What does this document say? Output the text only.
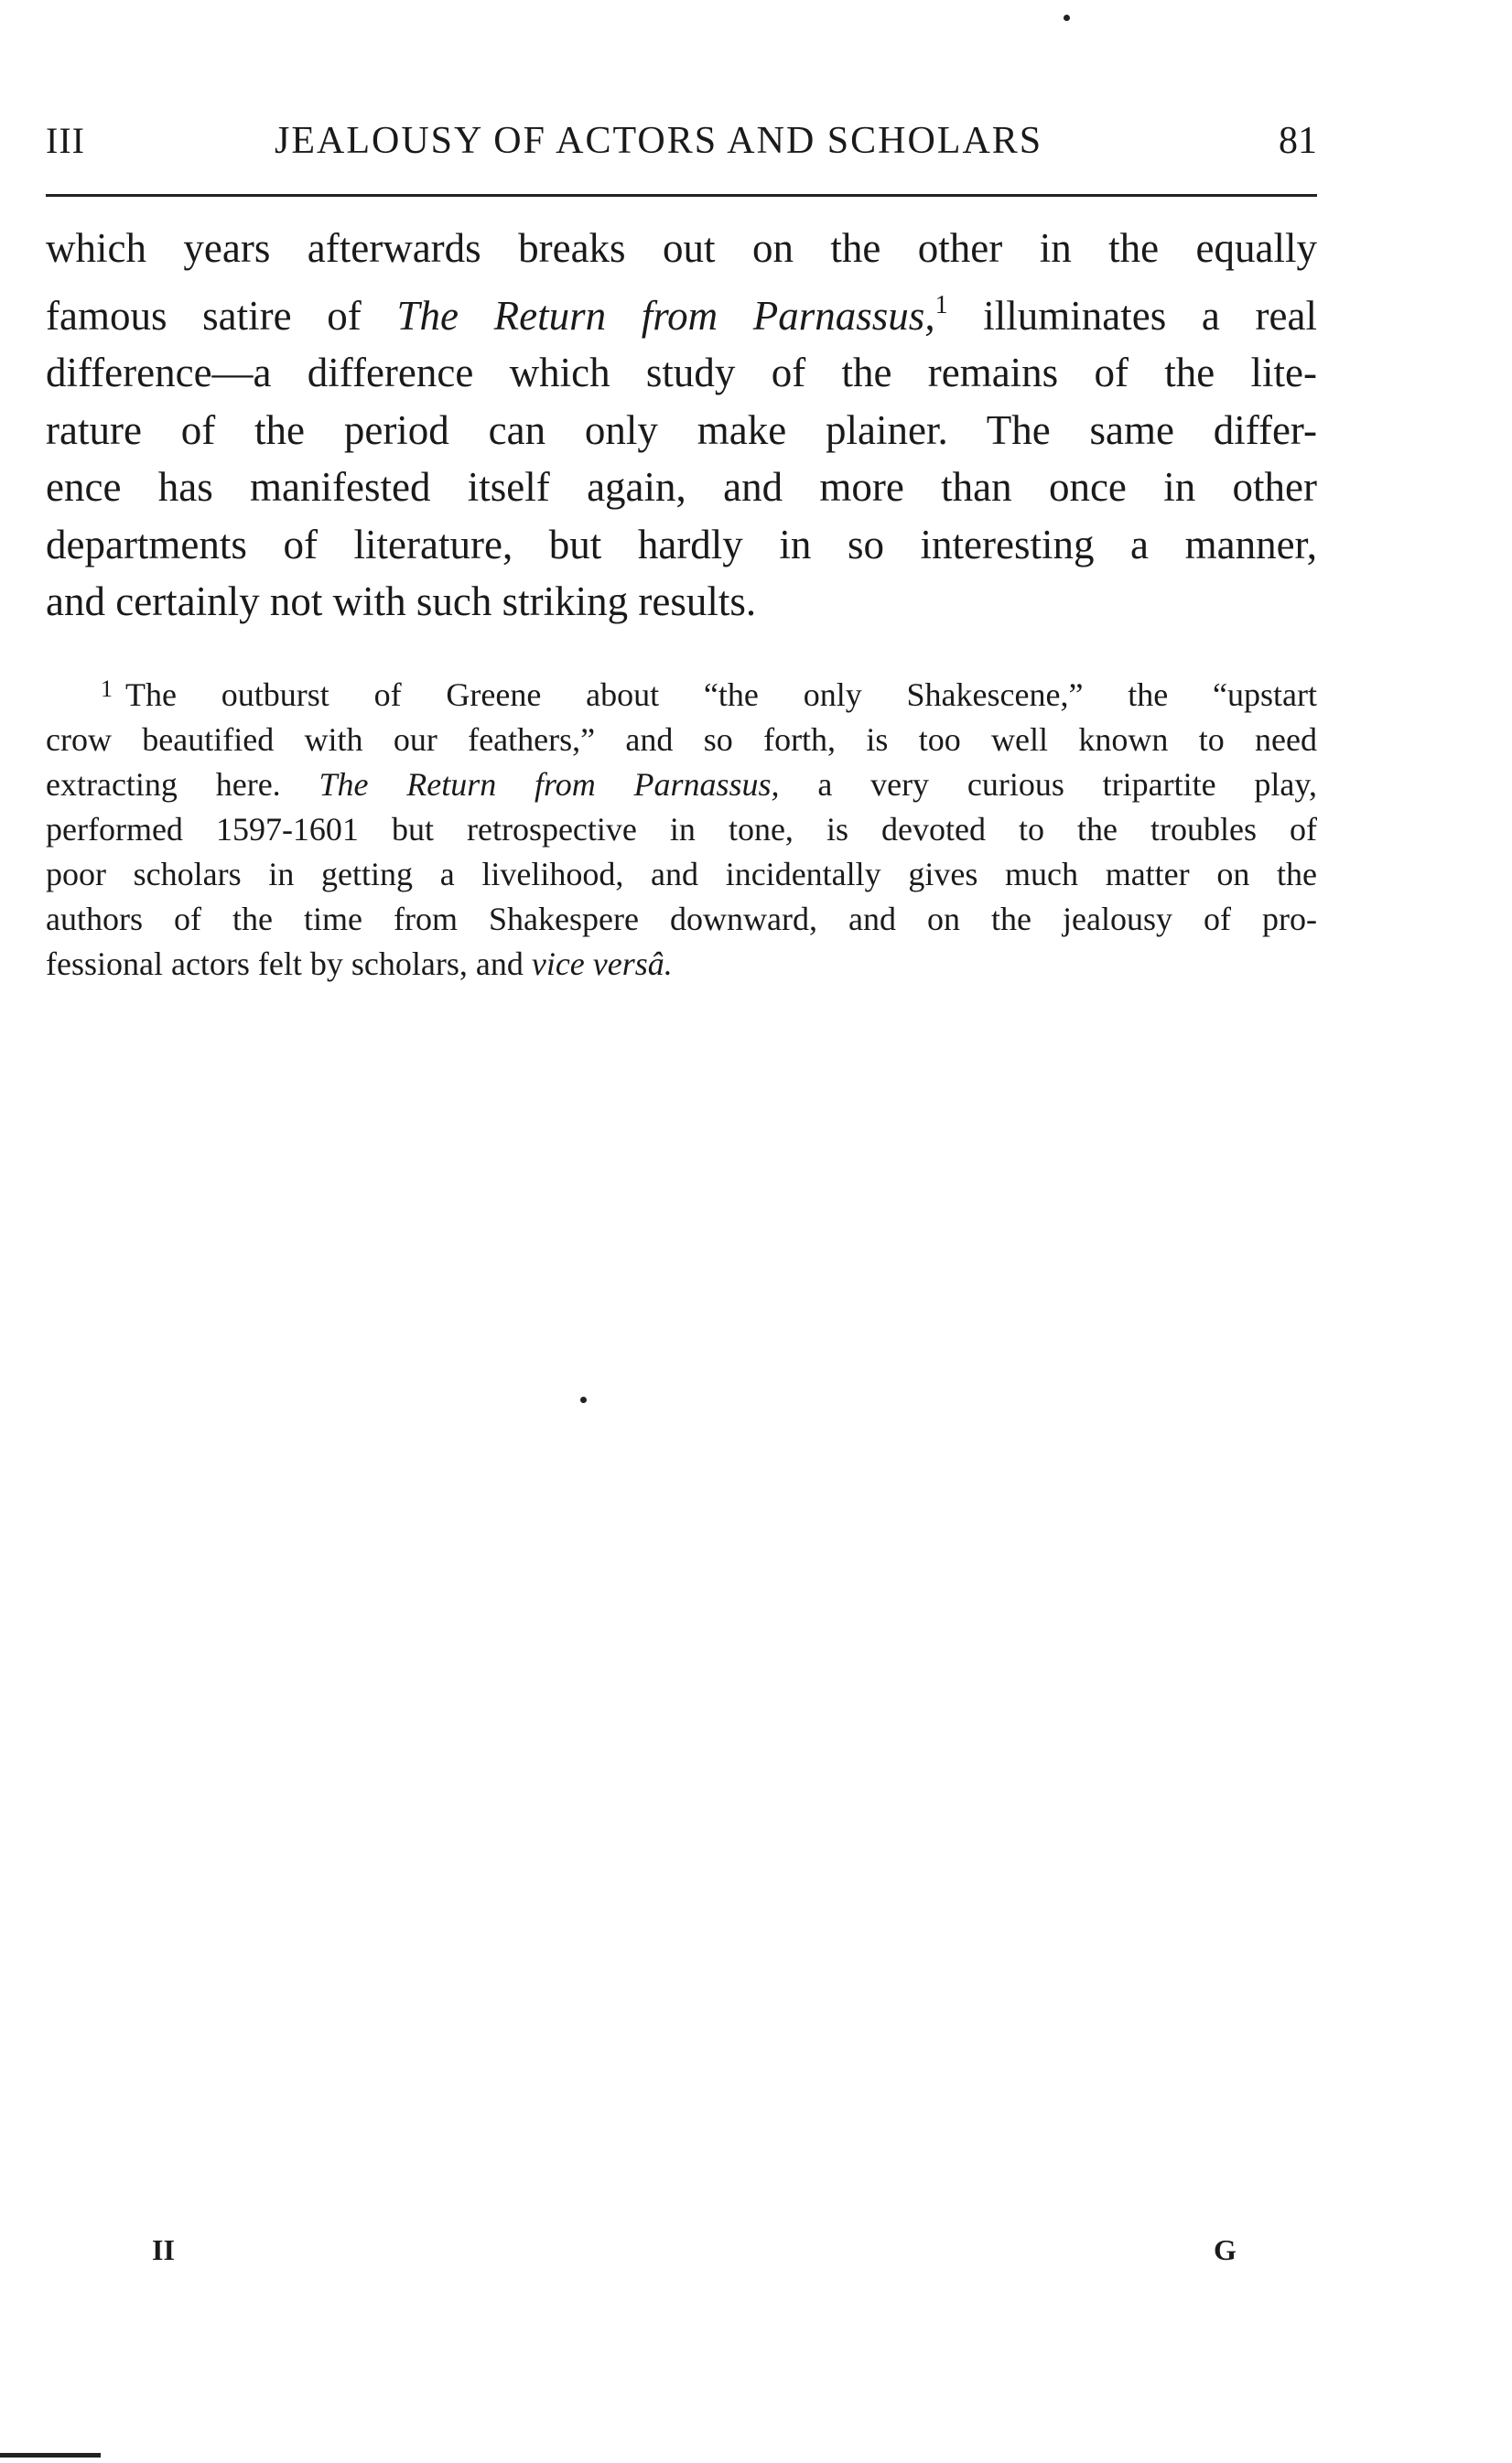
III	JEALOUSY OF ACTORS AND SCHOLARS	81
which years afterwards breaks out on the other in the equally
famous satire of The Return from Parnassus,$^1$ illuminates a real
difference—a difference which study of the remains of the lite-
rature of the period can only make plainer. The same differ-
ence has manifested itself again, and more than once in other
departments of literature, but hardly in so interesting a manner,
and certainly not with such striking results.
$^1$ The outburst of Greene about “the only Shakescene,” the “upstart
crow beautified with our feathers,” and so forth, is too well known to need
extracting here. The Return from Parnassus, a very curious tripartite play,
performed 1597-1601 but retrospective in tone, is devoted to the troubles of
poor scholars in getting a livelihood, and incidentally gives much matter on the
authors of the time from Shakespere downward, and on the jealousy of pro-
fessional actors felt by scholars, and vice versâ.
II	G
